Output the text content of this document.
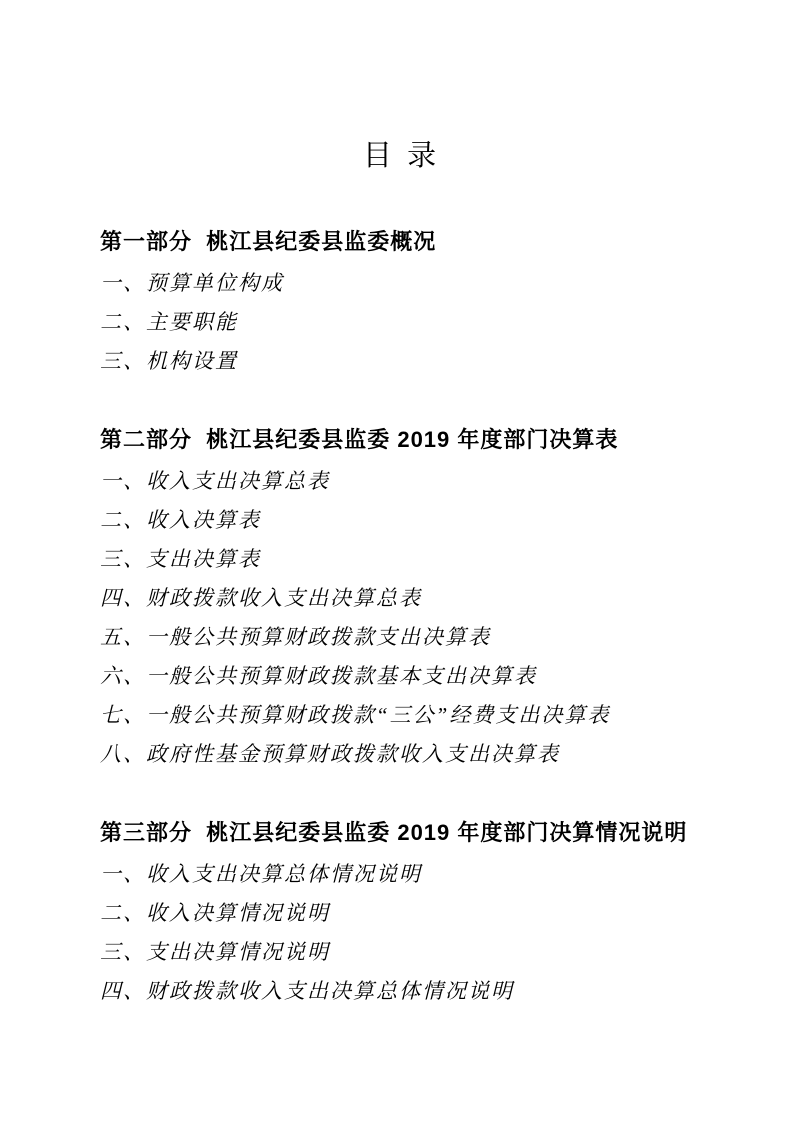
目 录
第一部分  桃江县纪委县监委概况
一、预算单位构成
二、主要职能
三、机构设置
第二部分  桃江县纪委县监委 2019 年度部门决算表
一、收入支出决算总表
二、收入决算表
三、支出决算表
四、财政拨款收入支出决算总表
五、一般公共预算财政拨款支出决算表
六、一般公共预算财政拨款基本支出决算表
七、一般公共预算财政拨款“三公”经费支出决算表
八、政府性基金预算财政拨款收入支出决算表
第三部分  桃江县纪委县监委 2019 年度部门决算情况说明
一、收入支出决算总体情况说明
二、收入决算情况说明
三、支出决算情况说明
四、财政拨款收入支出决算总体情况说明
